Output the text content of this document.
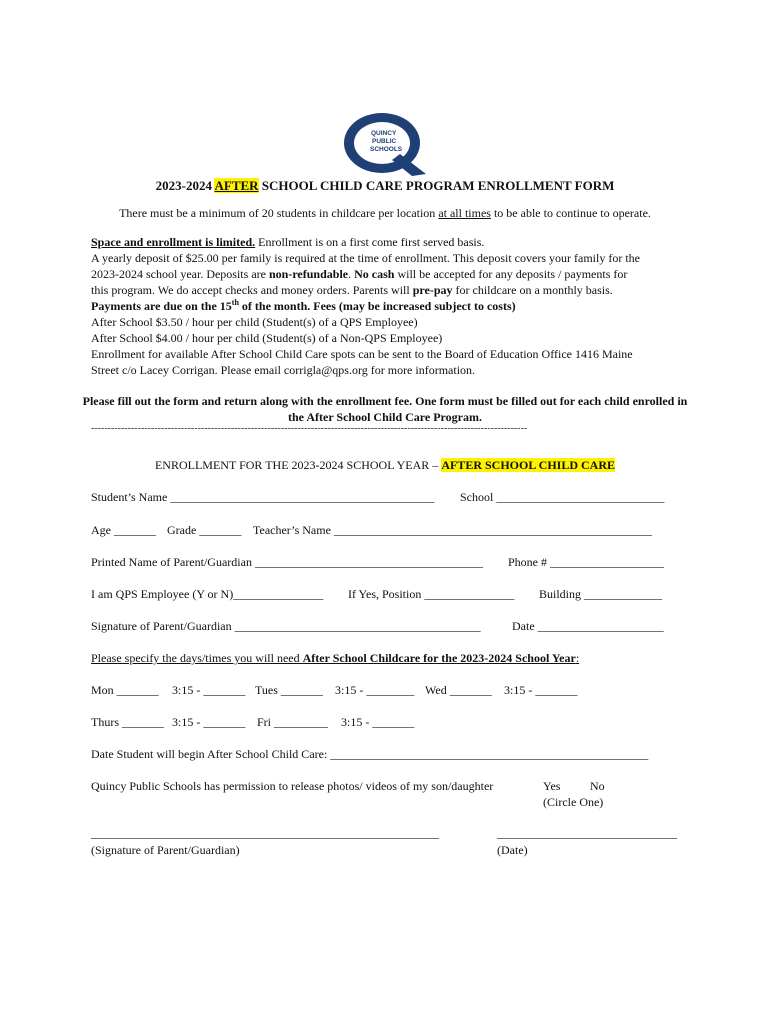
QUINCY
PUBLIC
SCHOOLS
2023-2024 AFTER SCHOOL CHILD CARE PROGRAM ENROLLMENT FORM
There must be a minimum of 20 students in childcare per location at all times to be able to continue to operate.
Space and enrollment is limited. Enrollment is on a first come first served basis.
A yearly deposit of $25.00 per family is required at the time of enrollment. This deposit covers your family for the
2023-2024 school year. Deposits are non-refundable. No cash will be accepted for any deposits / payments for
this program. We do accept checks and money orders. Parents will pre-pay for childcare on a monthly basis.
Payments are due on the 15th of the month. Fees (may be increased subject to costs)
After School $3.50 / hour per child (Student(s) of a QPS Employee)
After School $4.00 / hour per child (Student(s) of a Non-QPS Employee)
Enrollment for available After School Child Care spots can be sent to the Board of Education Office 1416 Maine
Street c/o Lacey Corrigan. Please email corrigla@qps.org for more information.
Please fill out the form and return along with the enrollment fee. One form must be filled out for each child enrolled in the After School Child Care Program.
-----------------------------------------------------------------------------------------------------------------------------------
ENROLLMENT FOR THE 2023-2024 SCHOOL YEAR – AFTER SCHOOL CHILD CARE
Student’s Name ____________________________________________ School ____________________________
Age _______ Grade _______ Teacher’s Name _____________________________________________________
Printed Name of Parent/Guardian ______________________________________ Phone # ___________________
I am QPS Employee (Y or N)_______________ If Yes, Position _______________ Building _____________
Signature of Parent/Guardian _________________________________________	Date _____________________
Please specify the days/times you will need After School Childcare for the 2023-2024 School Year:
Mon _______ 3:15 - _______ Tues _______ 3:15 - ________ Wed _______ 3:15 - _______
Thurs _______ 3:15 - _______ Fri _________ 3:15 - _______
Date Student will begin After School Child Care: _____________________________________________________
Quincy Public Schools has permission to release photos/ videos of my son/daughter	Yes No
(Circle One)
__________________________________________________________	______________________________
(Signature of Parent/Guardian)	(Date)
